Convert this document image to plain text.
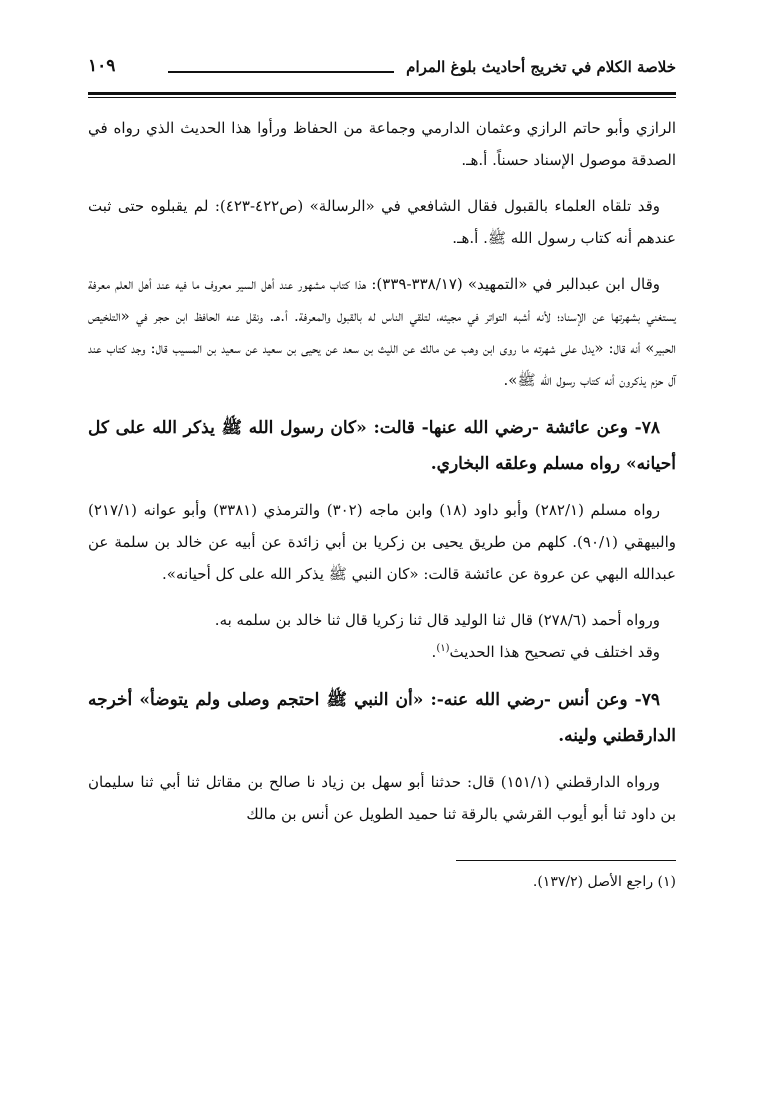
خلاصة الكلام في تخريج أحاديث بلوغ المرام
١٠٩

الرازي وأبو حاتم الرازي وعثمان الدارمي وجماعة من الحفاظ ورأوا هذا الحديث الذي رواه في الصدقة موصول الإسناد حسناً. أ.هـ.

وقد تلقاه العلماء بالقبول فقال الشافعي في «الرسالة» (ص٤٢٢-٤٢٣): لم يقبلوه حتى ثبت عندهم أنه كتاب رسول الله ﷺ. أ.هـ.

وقال ابن عبدالبر في «التمهيد» (٣٣٨/١٧-٣٣٩): هذا كتاب مشهور عند أهل السير معروف ما فيه عند أهل العلم معرفة يستغني بشهرتها عن الإسناد؛ لأنه أشبه التواتر في مجيئه، لتلقي الناس له بالقبول والمعرفة. أ.هـ. ونقل عنه الحافظ ابن حجر في «التلخيص الحبير» أنه قال: «يدل على شهرته ما روى ابن وهب عن مالك عن الليث بن سعد عن يحيى بن سعيد عن سعيد بن المسيب قال: وجد كتاب عند آل حزم يذكرون أنه كتاب رسول الله ﷺ».

٧٨- وعن عائشة -رضي الله عنها- قالت: «كان رسول الله ﷺ يذكر الله على كل أحيانه» رواه مسلم وعلقه البخاري.

رواه مسلم (٢٨٢/١) وأبو داود (١٨) وابن ماجه (٣٠٢) والترمذي (٣٣٨١) وأبو عوانه (٢١٧/١) والبيهقي (٩٠/١). كلهم من طريق يحيى بن زكريا بن أبي زائدة عن أبيه عن خالد بن سلمة عن عبدالله البهي عن عروة عن عائشة قالت: «كان النبي ﷺ يذكر الله على كل أحيانه».

ورواه أحمد (٢٧٨/٦) قال ثنا الوليد قال ثنا زكريا قال ثنا خالد بن سلمه به.

وقد اختلف في تصحيح هذا الحديث$^{(١)}$.

٧٩- وعن أنس -رضي الله عنه-: «أن النبي ﷺ احتجم وصلى ولم يتوضأ» أخرجه الدارقطني ولينه.

ورواه الدارقطني (١٥١/١) قال: حدثنا أبو سهل بن زياد نا صالح بن مقاتل ثنا أبي ثنا سليمان بن داود ثنا أبو أيوب القرشي بالرقة ثنا حميد الطويل عن أنس بن مالك

(١) راجع الأصل (١٣٧/٢).
